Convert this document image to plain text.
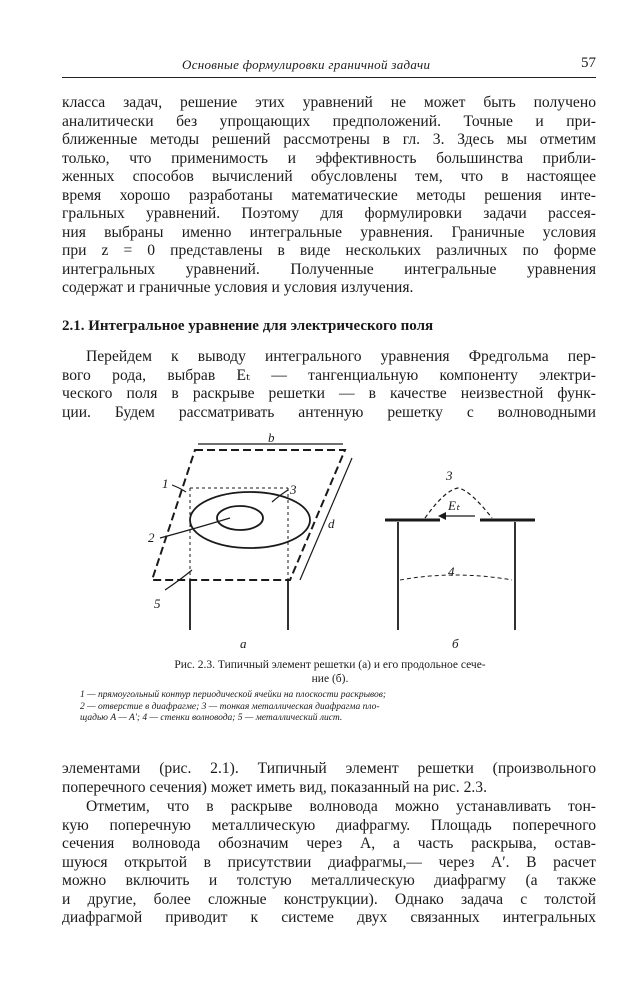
Основные формулировки граничной задачи	57
класса задач, решение этих уравнений не может быть получено
аналитически без упрощающих предположений. Точные и при-
ближенные методы решений рассмотрены в гл. 3. Здесь мы отметим
только, что применимость и эффективность большинства прибли-
женных способов вычислений обусловлены тем, что в настоящее
время хорошо разработаны математические методы решения инте-
гральных уравнений. Поэтому для формулировки задачи рассея-
ния выбраны именно интегральные уравнения. Граничные условия
при z = 0 представлены в виде нескольких различных по форме
интегральных уравнений. Полученные интегральные уравнения
содержат и граничные условия и условия излучения.
2.1. Интегральное уравнение для электрического поля
Перейдем к выводу интегрального уравнения Фредгольма пер-
вого рода, выбрав Eₜ — тангенциальную компоненту электри-
ческого поля в раскрыве решетки — в качестве неизвестной функ-
ции. Будем рассматривать антенную решетку с волноводными
b
d
1
2
3
5
3
4
Eₜ
а	б
Рис. 2.3. Типичный элемент решетки (а) и его продольное сече-
ние (б).
1 — прямоугольный контур периодической ячейки на плоскости раскрывов;
2 — отверстие в диафрагме; 3 — тонкая металлическая диафрагма пло-
щадью A — A′; 4 — стенки волновода; 5 — металлический лист.
элементами (рис. 2.1). Типичный элемент решетки (произвольного
поперечного сечения) может иметь вид, показанный на рис. 2.3.
Отметим, что в раскрыве волновода можно устанавливать тон-
кую поперечную металлическую диафрагму. Площадь поперечного
сечения волновода обозначим через A, а часть раскрыва, остав-
шуюся открытой в присутствии диафрагмы,— через A′. В расчет
можно включить и толстую металлическую диафрагму (а также
и другие, более сложные конструкции). Однако задача с толстой
диафрагмой приводит к системе двух связанных интегральных
